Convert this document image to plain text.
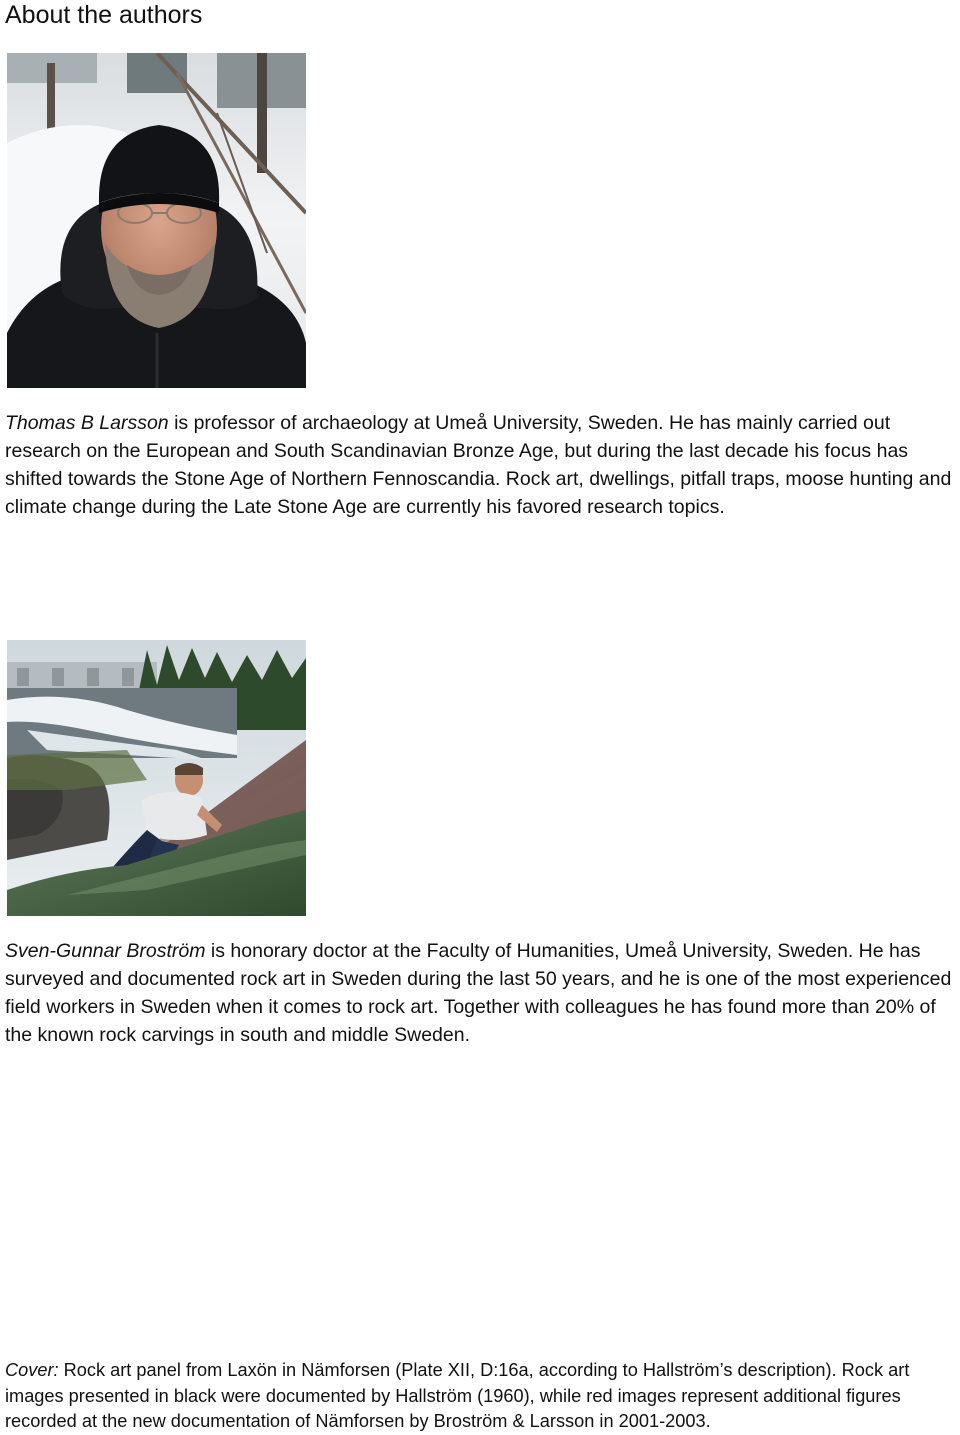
About the authors

Thomas B Larsson is professor of archaeology at Umeå University, Sweden. He has mainly carried out research on the European and South Scandinavian Bronze Age, but during the last decade his focus has shifted towards the Stone Age of Northern Fennoscandia. Rock art, dwellings, pitfall traps, moose hunting and climate change during the Late Stone Age are currently his favored research topics.

Sven-Gunnar Broström is honorary doctor at the Faculty of Humanities, Umeå University, Sweden. He has surveyed and documented rock art in Sweden during the last 50 years, and he is one of the most experienced field workers in Sweden when it comes to rock art. Together with colleagues he has found more than 20% of the known rock carvings in south and middle Sweden.

Cover: Rock art panel from Laxön in Nämforsen (Plate XII, D:16a, according to Hallström’s description). Rock art images presented in black were documented by Hallström (1960), while red images represent additional figures recorded at the new documentation of Nämforsen by Broström & Larsson in 2001-2003.
